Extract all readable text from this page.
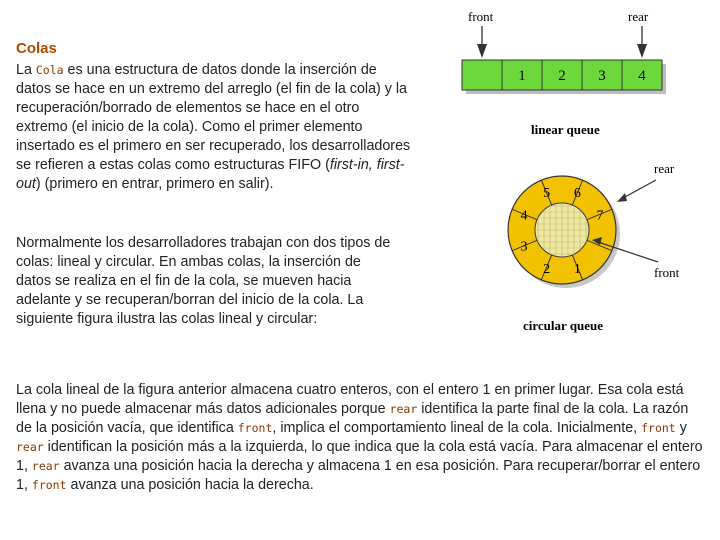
Colas

La Cola es una estructura de datos donde la inserción de datos se hace en un extremo del arreglo (el fin de la cola) y la recuperación/borrado de elementos se hace en el otro extremo (el inicio de la cola). Como el primer elemento insertado es el primero en ser recuperado, los desarrolladores se refieren a estas colas como estructuras FIFO (first-in, first-out) (primero en entrar, primero en salir).

Normalmente los desarrolladores trabajan con dos tipos de colas: lineal y circular. En ambas colas, la inserción de datos se realiza en el fin de la cola, se mueven hacia adelante y se recuperan/borran del inicio de la cola. La siguiente figura ilustra las colas lineal y circular:

front	rear
1 2 3 4
linear queue
5 6
7
4
3
2 1
rear
front
circular queue

La cola lineal de la figura anterior almacena cuatro enteros, con el entero 1 en primer lugar. Esa cola está llena y no puede almacenar más datos adicionales porque rear identifica la parte final de la cola. La razón de la posición vacía, que identifica front, implica el comportamiento lineal de la cola. Inicialmente, front y rear identifican la posición más a la izquierda, lo que indica que la cola está vacía. Para almacenar el entero 1, rear avanza una posición hacia la derecha y almacena 1 en esa posición. Para recuperar/borrar el entero 1, front avanza una posición hacia la derecha.
